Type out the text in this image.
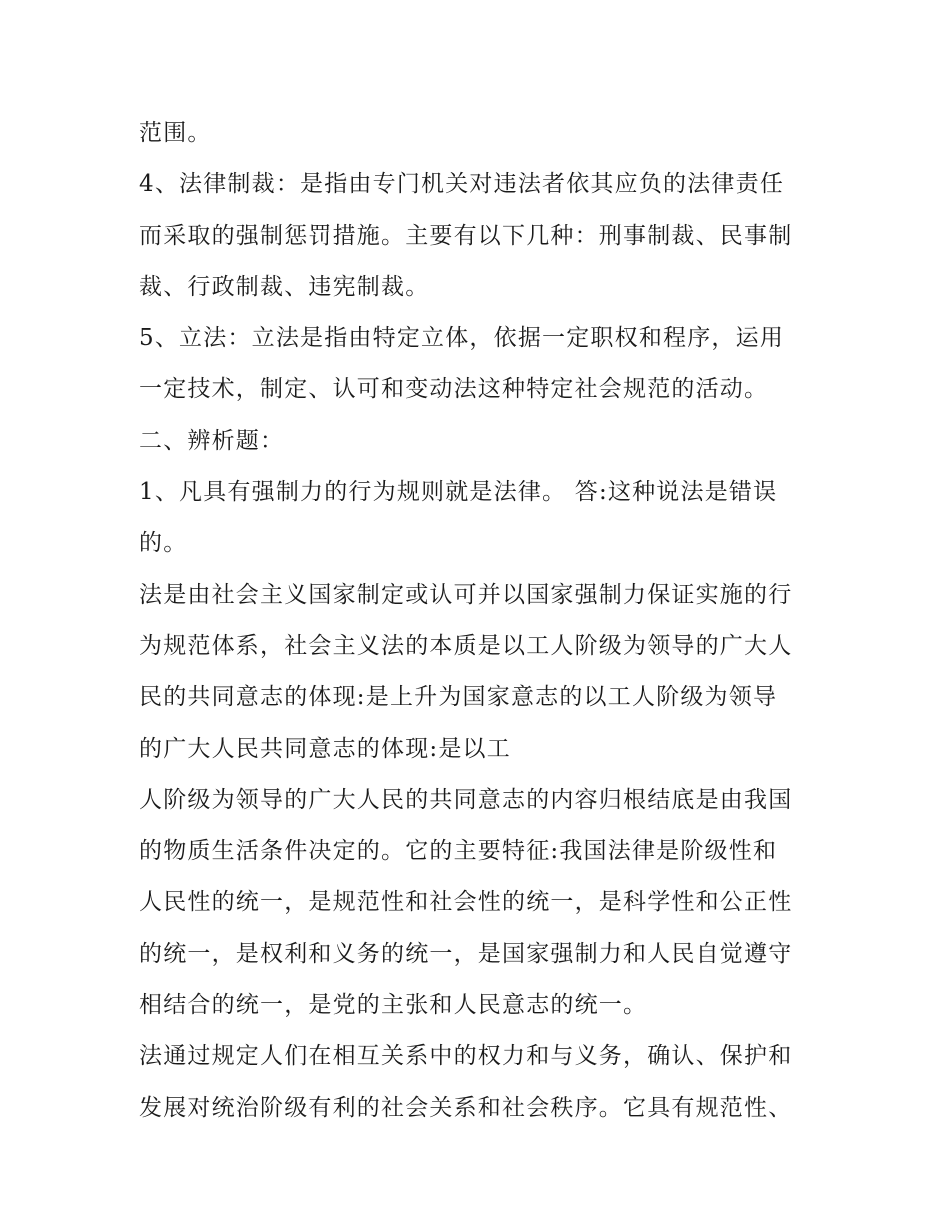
范围。
4、法律制裁：是指由专门机关对违法者依其应负的法律责任
而采取的强制惩罚措施。主要有以下几种：刑事制裁、民事制
裁、行政制裁、违宪制裁。
5、立法：立法是指由特定立体，依据一定职权和程序，运用
一定技术，制定、认可和变动法这种特定社会规范的活动。
二、辨析题：
1、凡具有强制力的行为规则就是法律。 答:这种说法是错误
的。
法是由社会主义国家制定或认可并以国家强制力保证实施的行
为规范体系，社会主义法的本质是以工人阶级为领导的广大人
民的共同意志的体现:是上升为国家意志的以工人阶级为领导
的广大人民共同意志的体现:是以工
人阶级为领导的广大人民的共同意志的内容归根结底是由我国
的物质生活条件决定的。它的主要特征:我国法律是阶级性和
人民性的统一，是规范性和社会性的统一，是科学性和公正性
的统一，是权利和义务的统一，是国家强制力和人民自觉遵守
相结合的统一，是党的主张和人民意志的统一。
法通过规定人们在相互关系中的权力和与义务，确认、保护和
发展对统治阶级有利的社会关系和社会秩序。它具有规范性、
